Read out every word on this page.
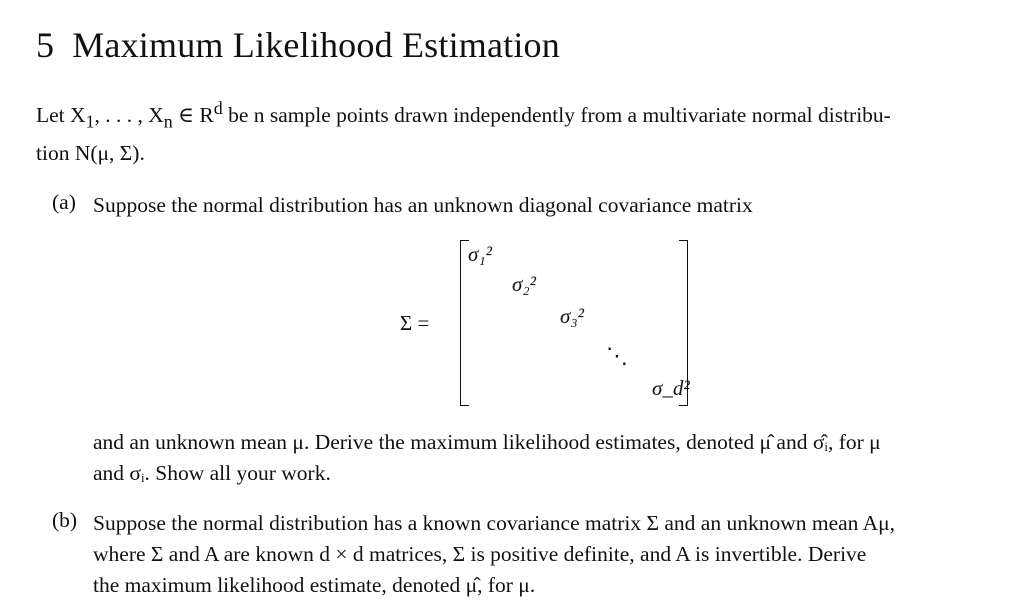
5 Maximum Likelihood Estimation

Let $X_1$, . . . , $X_n$ ∈ $R^d$ be n sample points drawn independently from a multivariate normal distribu-
tion N(μ, Σ).

(a) Suppose the normal distribution has an unknown diagonal covariance matrix

Σ =
σ₁²
σ₂²
σ₃²
⋱
σ_d²

and an unknown mean μ. Derive the maximum likelihood estimates, denoted μ̂ and σ̂ᵢ, for μ

and σᵢ. Show all your work.

(b) Suppose the normal distribution has a known covariance matrix Σ and an unknown mean Aμ,

where Σ and A are known d × d matrices, Σ is positive definite, and A is invertible. Derive

the maximum likelihood estimate, denoted μ̂, for μ.
